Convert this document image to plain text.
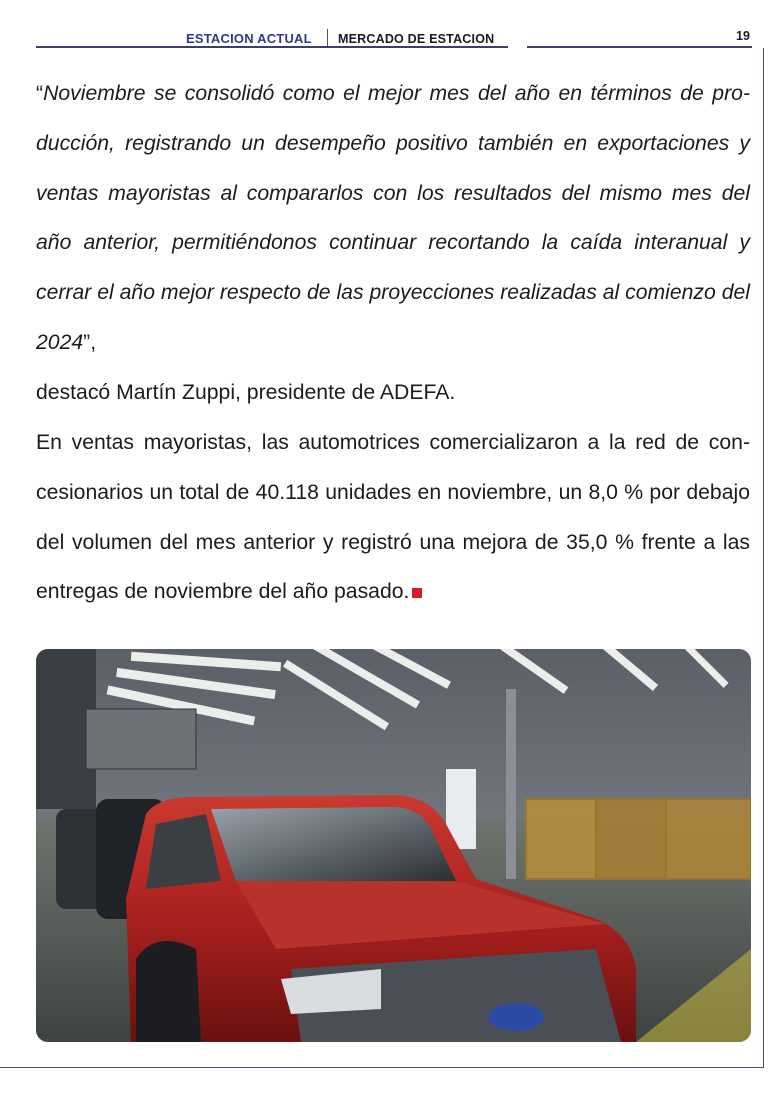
ESTACION ACTUAL MERCADO DE ESTACION	19

“Noviembre se consolidó como el mejor mes del año en términos de producción, registrando un desempeño positivo también en exportaciones y ventas mayoristas al compararlos con los resultados del mismo mes del año anterior, permitiéndonos continuar recortando la caída interanual y cerrar el año mejor respecto de las proyecciones realizadas al comienzo del 2024”,
destacó Martín Zuppi, presidente de ADEFA.

En ventas mayoristas, las automotrices comercializaron a la red de concesionarios un total de 40.118 unidades en noviembre, un 8,0 % por debajo del volumen del mes anterior y registró una mejora de 35,0 % frente a las entregas de noviembre del año pasado.
